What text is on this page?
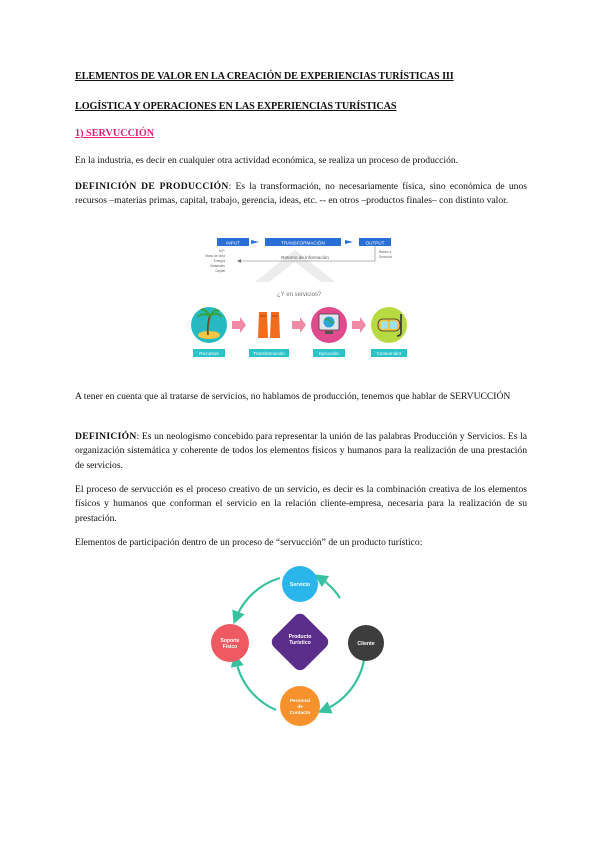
ELEMENTOS DE VALOR EN LA CREACIÓN DE EXPERIENCIAS TURÍSTICAS III
LOGÍSTICA Y OPERACIONES EN LAS EXPERIENCIAS TURÍSTICAS
1) SERVUCCIÓN
En la industria, es decir en cualquier otra actividad económica, se realiza un proceso de producción.
DEFINICIÓN DE PRODUCCIÓN: Es la transformación, no necesariamente física, sino económica de unos recursos –materias primas, capital, trabajo, gerencia, ideas, etc. -- en otros –productos finales– con distinto valor.
INPUT	TRANSFORMACIÓN	OUTPUT
Retorno de información
M.P.
Mano de obra
Energía
Materiales
Capital
Bienes y
Servicios
¿Y en servicios?
Recursos	Transformación	Ejecución	Consumidor
A tener en cuenta que al tratarse de servicios, no hablamos de producción, tenemos que hablar de SERVUCCIÓN
DEFINICIÓN: Es un neologismo concebido para representar la unión de las palabras Producción y Servicios. Es la organización sistemática y coherente de todos los elementos físicos y humanos para la realización de una prestación de servicios.
El proceso de servucción es el proceso creativo de un servicio, es decir es la combinación creativa de los elementos físicos y humanos que conforman el servicio en la relación cliente-empresa, necesaria para la realización de su prestación.
Elementos de participación dentro de un proceso de “servucción” de un producto turístico:
Producto Turístico
Servicio
Cliente
Personal de Contacto
Soporte Físico
